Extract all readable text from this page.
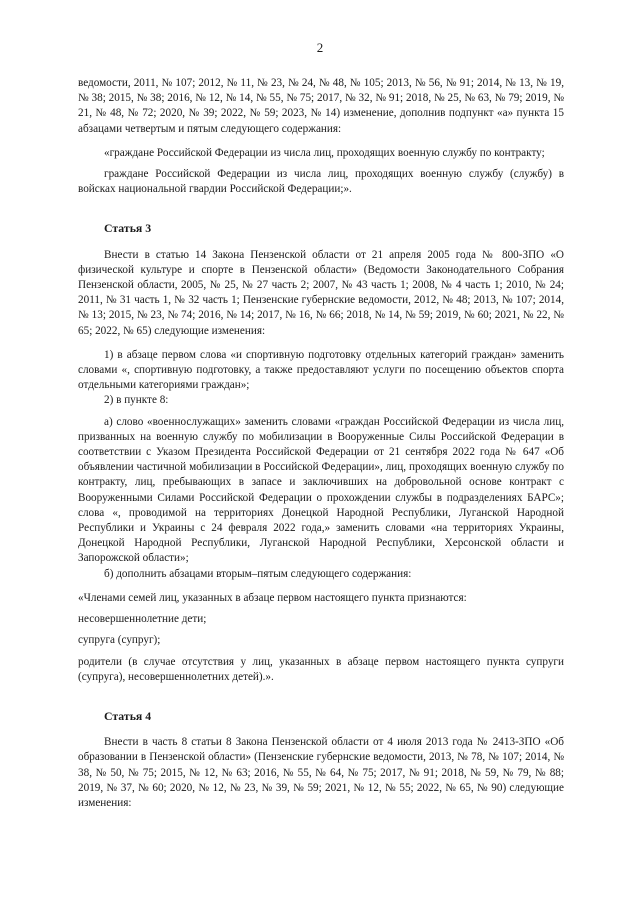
2

ведомости, 2011, № 107; 2012, № 11, № 23, № 24, № 48, № 105; 2013, № 56, № 91; 2014, № 13, № 19, № 38; 2015, № 38; 2016, № 12, № 14, № 55, № 75; 2017, № 32, № 91; 2018, № 25, № 63, № 79; 2019, № 21, № 48, № 72; 2020, № 39; 2022, № 59; 2023, № 14) изменение, дополнив подпункт «а» пункта 15 абзацами четвертым и пятым следующего содержания:

«граждане Российской Федерации из числа лиц, проходящих военную службу по контракту;

граждане Российской Федерации из числа лиц, проходящих военную службу (службу) в войсках национальной гвардии Российской Федерации;».

Статья 3

Внести в статью 14 Закона Пензенской области от 21 апреля 2005 года № 800-ЗПО «О физической культуре и спорте в Пензенской области» (Ведомости Законодательного Собрания Пензенской области, 2005, № 25, № 27 часть 2; 2007, № 43 часть 1; 2008, № 4 часть 1; 2010, № 24; 2011, № 31 часть 1, № 32 часть 1; Пензенские губернские ведомости, 2012, № 48; 2013, № 107; 2014, № 13; 2015, № 23, № 74; 2016, № 14; 2017, № 16, № 66; 2018, № 14, № 59; 2019, № 60; 2021, № 22, № 65; 2022, № 65) следующие изменения:

1) в абзаце первом слова «и спортивную подготовку отдельных категорий граждан» заменить словами «, спортивную подготовку, а также предоставляют услуги по посещению объектов спорта отдельными категориями граждан»;

2) в пункте 8:

а) слово «военнослужащих» заменить словами «граждан Российской Федерации из числа лиц, призванных на военную службу по мобилизации в Вооруженные Силы Российской Федерации в соответствии с Указом Президента Российской Федерации от 21 сентября 2022 года № 647 «Об объявлении частичной мобилизации в Российской Федерации», лиц, проходящих военную службу по контракту, лиц, пребывающих в запасе и заключивших на добровольной основе контракт с Вооруженными Силами Российской Федерации о прохождении службы в подразделениях БАРС»; слова «, проводимой на территориях Донецкой Народной Республики, Луганской Народной Республики и Украины с 24 февраля 2022 года,» заменить словами «на территориях Украины, Донецкой Народной Республики, Луганской Народной Республики, Херсонской области и Запорожской области»;

б) дополнить абзацами вторым–пятым следующего содержания:

«Членами семей лиц, указанных в абзаце первом настоящего пункта признаются:

несовершеннолетние дети;

супруга (супруг);

родители (в случае отсутствия у лиц, указанных в абзаце первом настоящего пункта супруги (супруга), несовершеннолетних детей).».

Статья 4

Внести в часть 8 статьи 8 Закона Пензенской области от 4 июля 2013 года № 2413-ЗПО «Об образовании в Пензенской области» (Пензенские губернские ведомости, 2013, № 78, № 107; 2014, № 38, № 50, № 75; 2015, № 12, № 63; 2016, № 55, № 64, № 75; 2017, № 91; 2018, № 59, № 79, № 88; 2019, № 37, № 60; 2020, № 12, № 23, № 39, № 59; 2021, № 12, № 55; 2022, № 65, № 90) следующие изменения:
